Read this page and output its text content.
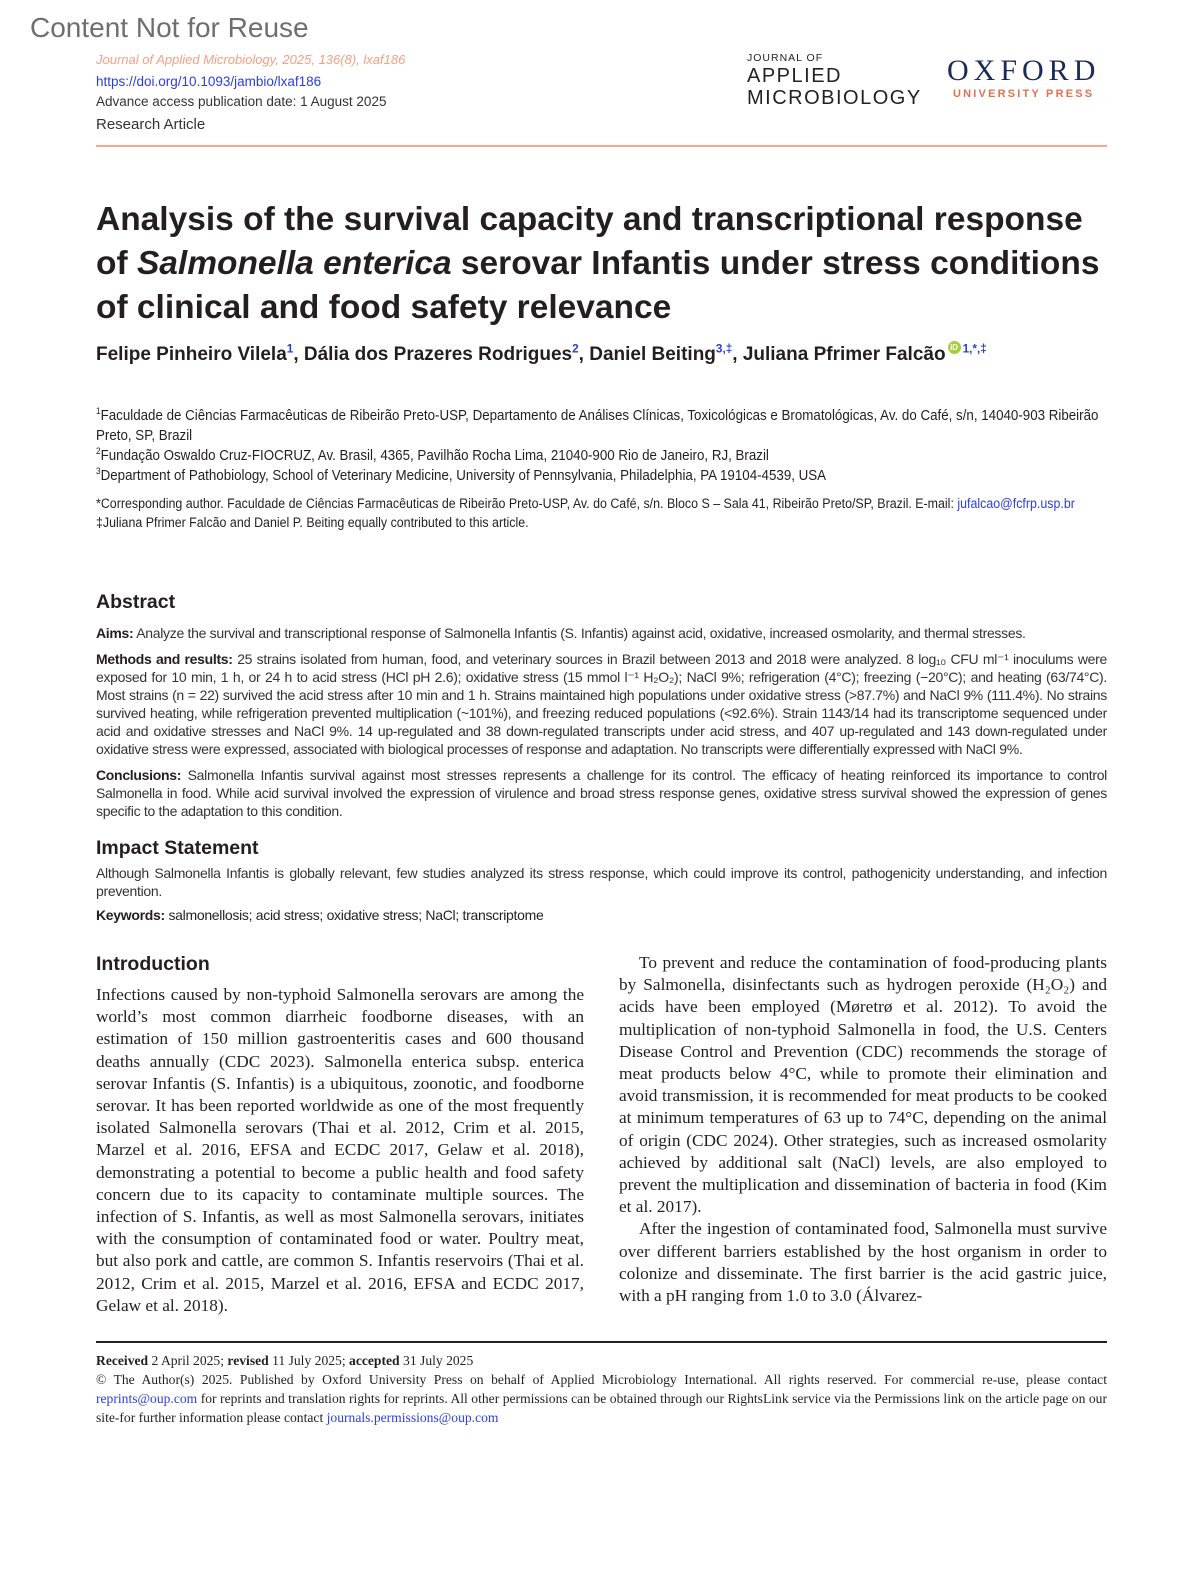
Content Not for Reuse
Journal of Applied Microbiology, 2025, 136(8), lxaf186
https://doi.org/10.1093/jambio/lxaf186
Advance access publication date: 1 August 2025
Research Article
JOURNAL OF
APPLIED
MICROBIOLOGY
OXFORD
UNIVERSITY PRESS
Analysis of the survival capacity and transcriptional response of Salmonella enterica serovar Infantis under stress conditions of clinical and food safety relevance
Felipe Pinheiro Vilela$^1$, Dália dos Prazeres Rodrigues$^2$, Daniel Beiting$^{3,\ddagger}$, Juliana Pfrimer Falcão iD $^{1,*,\ddagger}$
$^1$Faculdade de Ciências Farmacêuticas de Ribeirão Preto-USP, Departamento de Análises Clínicas, Toxicológicas e Bromatológicas, Av. do Café, s/n, 14040-903 Ribeirão Preto, SP, Brazil
$^2$Fundação Oswaldo Cruz-FIOCRUZ, Av. Brasil, 4365, Pavilhão Rocha Lima, 21040-900 Rio de Janeiro, RJ, Brazil
$^3$Department of Pathobiology, School of Veterinary Medicine, University of Pennsylvania, Philadelphia, PA 19104-4539, USA
*Corresponding author. Faculdade de Ciências Farmacêuticas de Ribeirão Preto-USP, Av. do Café, s/n. Bloco S – Sala 41, Ribeirão Preto/SP, Brazil. E-mail: jufalcao@fcfrp.usp.br
‡Juliana Pfrimer Falcão and Daniel P. Beiting equally contributed to this article.
Abstract

Aims: Analyze the survival and transcriptional response of Salmonella Infantis (S. Infantis) against acid, oxidative, increased osmolarity, and thermal stresses.

Methods and results: 25 strains isolated from human, food, and veterinary sources in Brazil between 2013 and 2018 were analyzed. 8 log₁₀ CFU ml⁻¹ inoculums were exposed for 10 min, 1 h, or 24 h to acid stress (HCl pH 2.6); oxidative stress (15 mmol l⁻¹ H₂O₂); NaCl 9%; refrigeration (4°C); freezing (−20°C); and heating (63/74°C). Most strains (n = 22) survived the acid stress after 10 min and 1 h. Strains maintained high populations under oxidative stress (>87.7%) and NaCl 9% (111.4%). No strains survived heating, while refrigeration prevented multiplication (~101%), and freezing reduced populations (<92.6%). Strain 1143/14 had its transcriptome sequenced under acid and oxidative stresses and NaCl 9%. 14 up-regulated and 38 down-regulated transcripts under acid stress, and 407 up-regulated and 143 down-regulated under oxidative stress were expressed, associated with biological processes of response and adaptation. No transcripts were differentially expressed with NaCl 9%.

Conclusions: Salmonella Infantis survival against most stresses represents a challenge for its control. The efficacy of heating reinforced its importance to control Salmonella in food. While acid survival involved the expression of virulence and broad stress response genes, oxidative stress survival showed the expression of genes specific to the adaptation to this condition.

Impact Statement
Although Salmonella Infantis is globally relevant, few studies analyzed its stress response, which could improve its control, pathogenicity understanding, and infection prevention.
Keywords: salmonellosis; acid stress; oxidative stress; NaCl; transcriptome
Introduction

Infections caused by non-typhoid Salmonella serovars are among the world’s most common diarrheic foodborne diseases, with an estimation of 150 million gastroenteritis cases and 600 thousand deaths annually (CDC 2023). Salmonella enterica subsp. enterica serovar Infantis (S. Infantis) is a ubiquitous, zoonotic, and foodborne serovar. It has been reported worldwide as one of the most frequently isolated Salmonella serovars (Thai et al. 2012, Crim et al. 2015, Marzel et al. 2016, EFSA and ECDC 2017, Gelaw et al. 2018), demonstrating a potential to become a public health and food safety concern due to its capacity to contaminate multiple sources. The infection of S. Infantis, as well as most Salmonella serovars, initiates with the consumption of contaminated food or water. Poultry meat, but also pork and cattle, are common S. Infantis reservoirs (Thai et al. 2012, Crim et al. 2015, Marzel et al. 2016, EFSA and ECDC 2017, Gelaw et al. 2018).

To prevent and reduce the contamination of food-producing plants by Salmonella, disinfectants such as hydrogen peroxide (H₂O₂) and acids have been employed (Møretrø et al. 2012). To avoid the multiplication of non-typhoid Salmonella in food, the U.S. Centers Disease Control and Prevention (CDC) recommends the storage of meat products below 4°C, while to promote their elimination and avoid transmission, it is recommended for meat products to be cooked at minimum temperatures of 63 up to 74°C, depending on the animal of origin (CDC 2024). Other strategies, such as increased osmolarity achieved by additional salt (NaCl) levels, are also employed to prevent the multiplication and dissemination of bacteria in food (Kim et al. 2017).

After the ingestion of contaminated food, Salmonella must survive over different barriers established by the host organism in order to colonize and disseminate. The first barrier is the acid gastric juice, with a pH ranging from 1.0 to 3.0 (Álvarez-

Received 2 April 2025; revised 11 July 2025; accepted 31 July 2025
© The Author(s) 2025. Published by Oxford University Press on behalf of Applied Microbiology International. All rights reserved. For commercial re-use, please contact reprints@oup.com for reprints and translation rights for reprints. All other permissions can be obtained through our RightsLink service via the Permissions link on the article page on our site-for further information please contact journals.permissions@oup.com
